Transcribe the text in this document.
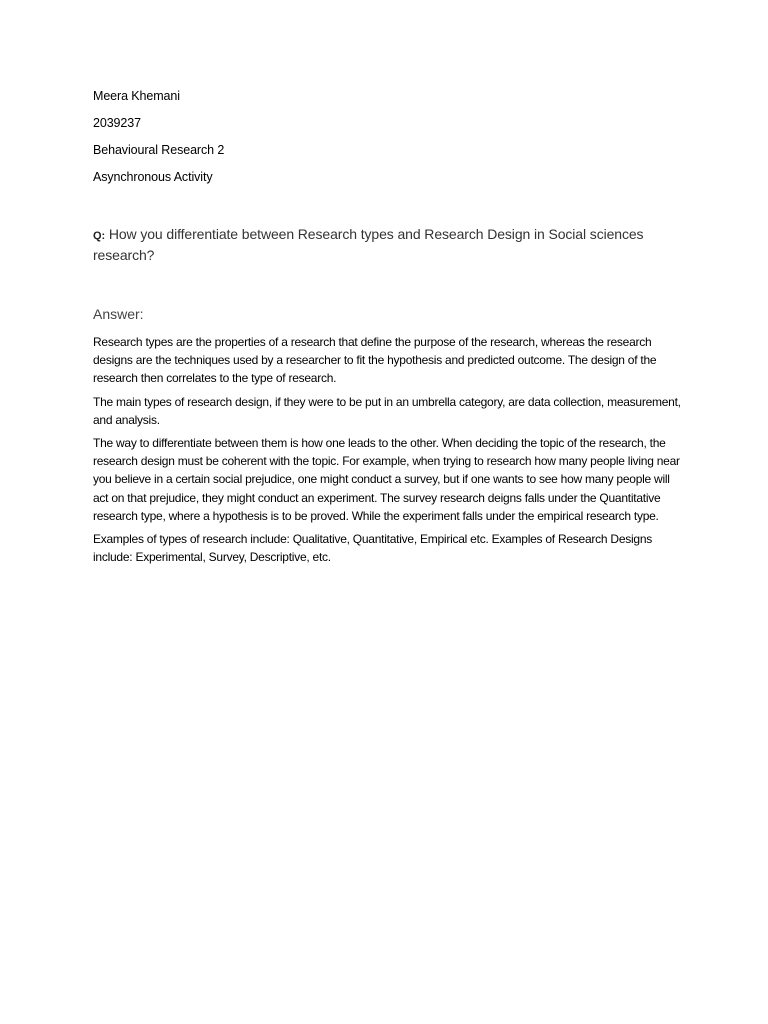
Meera Khemani
2039237
Behavioural Research 2
Asynchronous Activity
Q: How you differentiate between Research types and Research Design in Social sciences research?
Answer:

Research types are the properties of a research that define the purpose of the research, whereas the research designs are the techniques used by a researcher to fit the hypothesis and predicted outcome. The design of the research then correlates to the type of research.

The main types of research design, if they were to be put in an umbrella category, are data collection, measurement, and analysis.

The way to differentiate between them is how one leads to the other. When deciding the topic of the research, the research design must be coherent with the topic. For example, when trying to research how many people living near you believe in a certain social prejudice, one might conduct a survey, but if one wants to see how many people will act on that prejudice, they might conduct an experiment. The survey research deigns falls under the Quantitative research type, where a hypothesis is to be proved. While the experiment falls under the empirical research type.

Examples of types of research include: Qualitative, Quantitative, Empirical etc. Examples of Research Designs include: Experimental, Survey, Descriptive, etc.
